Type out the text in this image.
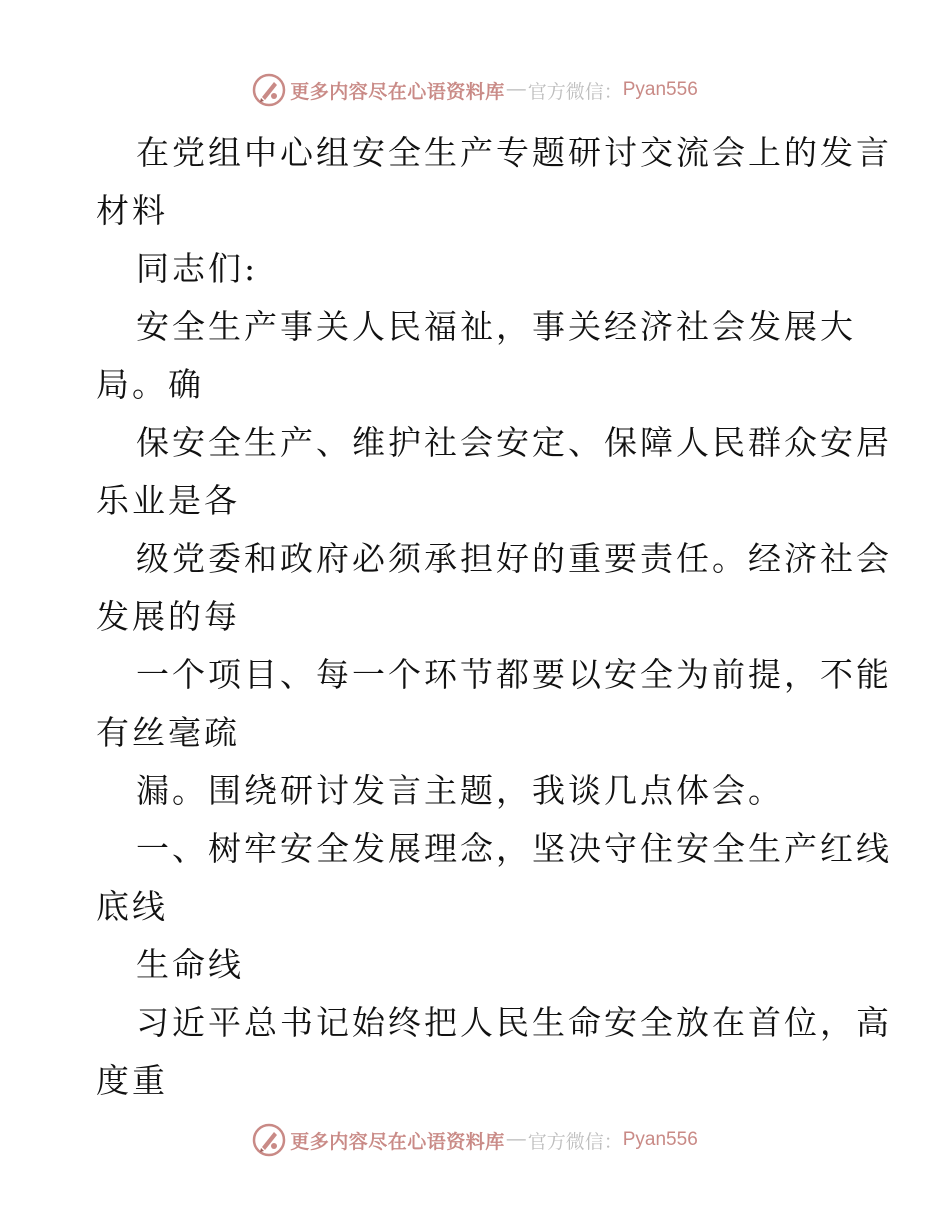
更多内容尽在心语资料库 — 官方微信： Pyan556
在党组中心组安全生产专题研讨交流会上的发言
材料
同志们:
安全生产事关人民福祉，事关经济社会发展大
局。确
保安全生产、维护社会安定、保障人民群众安居
乐业是各
级党委和政府必须承担好的重要责任。经济社会
发展的每
一个项目、每一个环节都要以安全为前提，不能
有丝毫疏
漏。围绕研讨发言主题，我谈几点体会。
一、树牢安全发展理念，坚决守住安全生产红线
底线
生命线
习近平总书记始终把人民生命安全放在首位，高
度重
更多内容尽在心语资料库 — 官方微信： Pyan556
